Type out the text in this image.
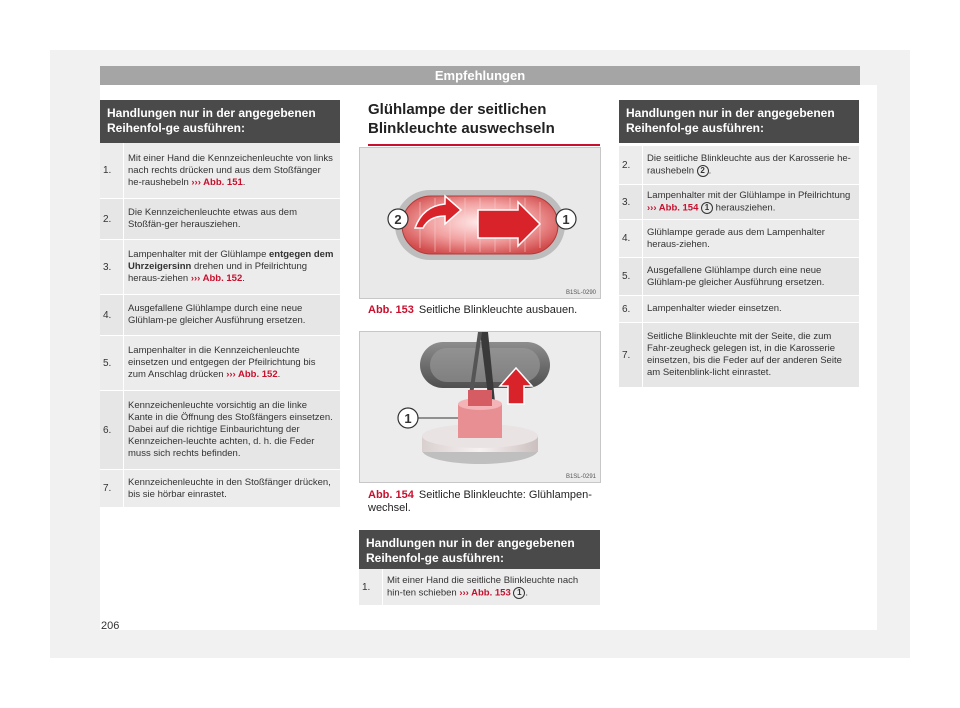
Empfehlungen
Handlungen nur in der angegebenen Reihenfol-ge ausführen:
1.
Mit einer Hand die Kennzeichenleuchte von links nach rechts drücken und aus dem Stoßfänger he-raushebeln ››› Abb. 151.
2.
Die Kennzeichenleuchte etwas aus dem Stoßfän-ger herausziehen.
3.
Lampenhalter mit der Glühlampe entgegen dem Uhrzeigersinn drehen und in Pfeilrichtung heraus-ziehen ››› Abb. 152.
4.
Ausgefallene Glühlampe durch eine neue Glühlam-pe gleicher Ausführung ersetzen.
5.
Lampenhalter in die Kennzeichenleuchte einsetzen und entgegen der Pfeilrichtung bis zum Anschlag drücken ››› Abb. 152.
6.
Kennzeichenleuchte vorsichtig an die linke Kante in die Öffnung des Stoßfängers einsetzen. Dabei auf die richtige Einbaurichtung der Kennzeichen-leuchte achten, d. h. die Feder muss sich rechts befinden.
7.
Kennzeichenleuchte in den Stoßfänger drücken, bis sie hörbar einrastet.
Glühlampe der seitlichen Blinkleuchte auswechseln
2	1
B1SL-0290
Abb. 153 Seitliche Blinkleuchte ausbauen.
1
B1SL-0291
Abb. 154 Seitliche Blinkleuchte: Glühlampen-wechsel.
Handlungen nur in der angegebenen Reihenfol-ge ausführen:
1.
Mit einer Hand die seitliche Blinkleuchte nach hin-ten schieben ››› Abb. 153 1 .
Handlungen nur in der angegebenen Reihenfol-ge ausführen:
2.
Die seitliche Blinkleuchte aus der Karosserie he-raushebeln 2 .
3.
Lampenhalter mit der Glühlampe in Pfeilrichtung ››› Abb. 154 1 herausziehen.
4.
Glühlampe gerade aus dem Lampenhalter heraus-ziehen.
5.
Ausgefallene Glühlampe durch eine neue Glühlam-pe gleicher Ausführung ersetzen.
6.	Lampenhalter wieder einsetzen.
7.
Seitliche Blinkleuchte mit der Seite, die zum Fahr-zeugheck gelegen ist, in die Karosserie einsetzen, bis die Feder auf der anderen Seite am Seitenblink-licht einrastet.
206
